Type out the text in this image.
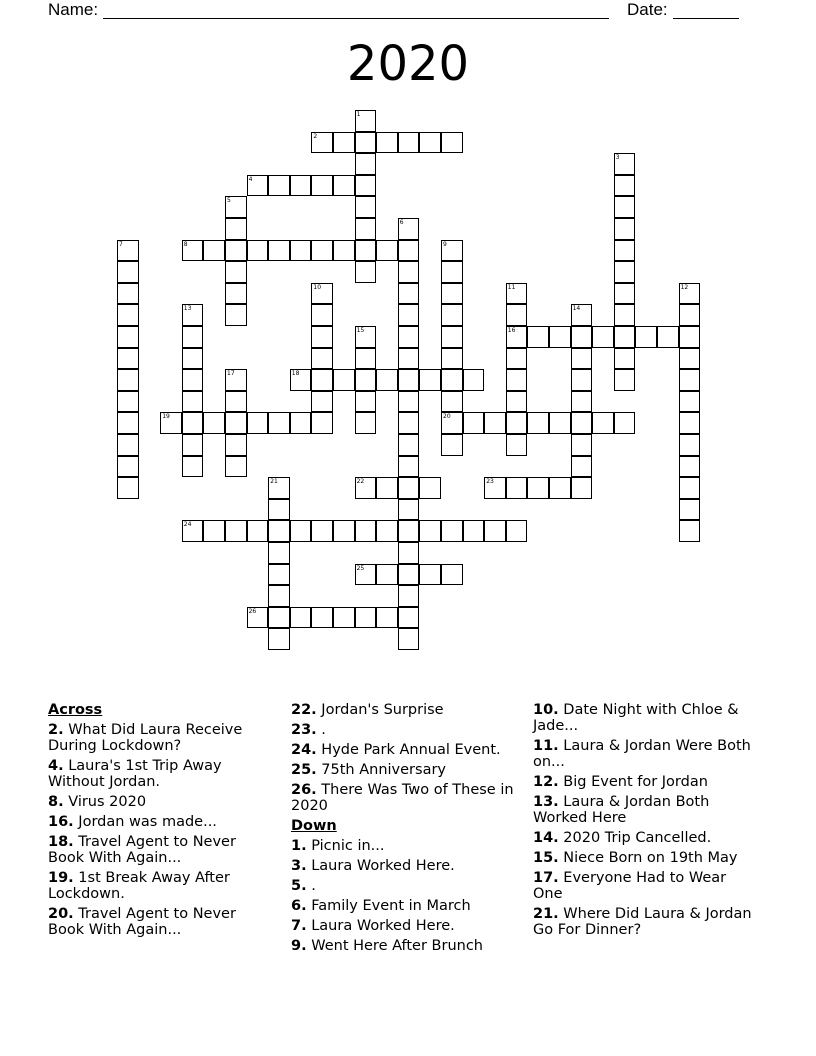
Name:	Date:
2020
1
2
3
4
5
6
7	8	9
10	11	12
13	14
15	16
17	18
19	20
21	22	23
24
25
26
Across
2. What Did Laura Receive During Lockdown?
4. Laura's 1st Trip Away Without Jordan.
8. Virus 2020
16. Jordan was made...
18. Travel Agent to Never Book With Again...
19. 1st Break Away After Lockdown.
20. Travel Agent to Never Book With Again...
22. Jordan's Surprise
23. .
24. Hyde Park Annual Event.
25. 75th Anniversary
26. There Was Two of These in 2020
Down
1. Picnic in...
3. Laura Worked Here.
5. .
6. Family Event in March
7. Laura Worked Here.
9. Went Here After Brunch
10. Date Night with Chloe & Jade...
11. Laura & Jordan Were Both on...
12. Big Event for Jordan
13. Laura & Jordan Both Worked Here
14. 2020 Trip Cancelled.
15. Niece Born on 19th May
17. Everyone Had to Wear One
21. Where Did Laura & Jordan Go For Dinner?
